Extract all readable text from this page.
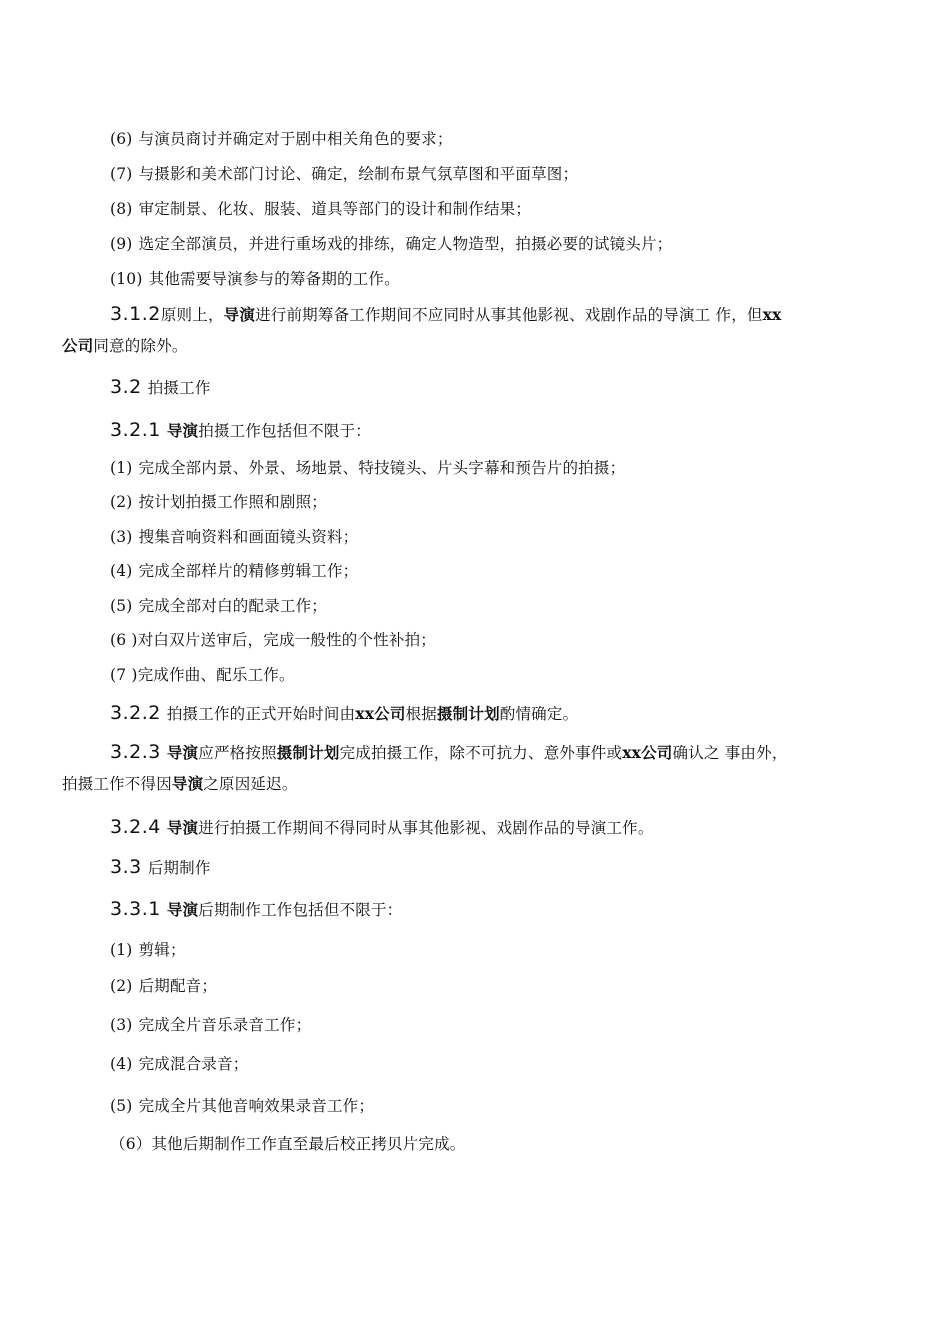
(6) 与演员商讨并确定对于剧中相关角色的要求；
(7) 与摄影和美术部门讨论、确定，绘制布景气氛草图和平面草图；
(8) 审定制景、化妆、服装、道具等部门的设计和制作结果；
(9) 选定全部演员，并进行重场戏的排练，确定人物造型，拍摄必要的试镜头片；
(10) 其他需要导演参与的筹备期的工作。
3.1.2原则上，导演进行前期筹备工作期间不应同时从事其他影视、戏剧作品的导演工 作，但xx
公司同意的除外。
3.2 拍摄工作
3.2.1 导演拍摄工作包括但不限于：
(1) 完成全部内景、外景、场地景、特技镜头、片头字幕和预告片的拍摄；
(2) 按计划拍摄工作照和剧照；
(3) 搜集音响资料和画面镜头资料；
(4) 完成全部样片的精修剪辑工作；
(5) 完成全部对白的配录工作；
(6 )对白双片送审后，完成一般性的个性补拍；
(7 )完成作曲、配乐工作。
3.2.2 拍摄工作的正式开始时间由xx公司根据摄制计划酌情确定。
3.2.3 导演应严格按照摄制计划完成拍摄工作，除不可抗力、意外事件或xx公司确认之 事由外，
拍摄工作不得因导演之原因延迟。
3.2.4 导演进行拍摄工作期间不得同时从事其他影视、戏剧作品的导演工作。
3.3 后期制作
3.3.1 导演后期制作工作包括但不限于：
(1) 剪辑；
(2) 后期配音；
(3) 完成全片音乐录音工作；
(4) 完成混合录音；
(5) 完成全片其他音响效果录音工作；
（6）其他后期制作工作直至最后校正拷贝片完成。
